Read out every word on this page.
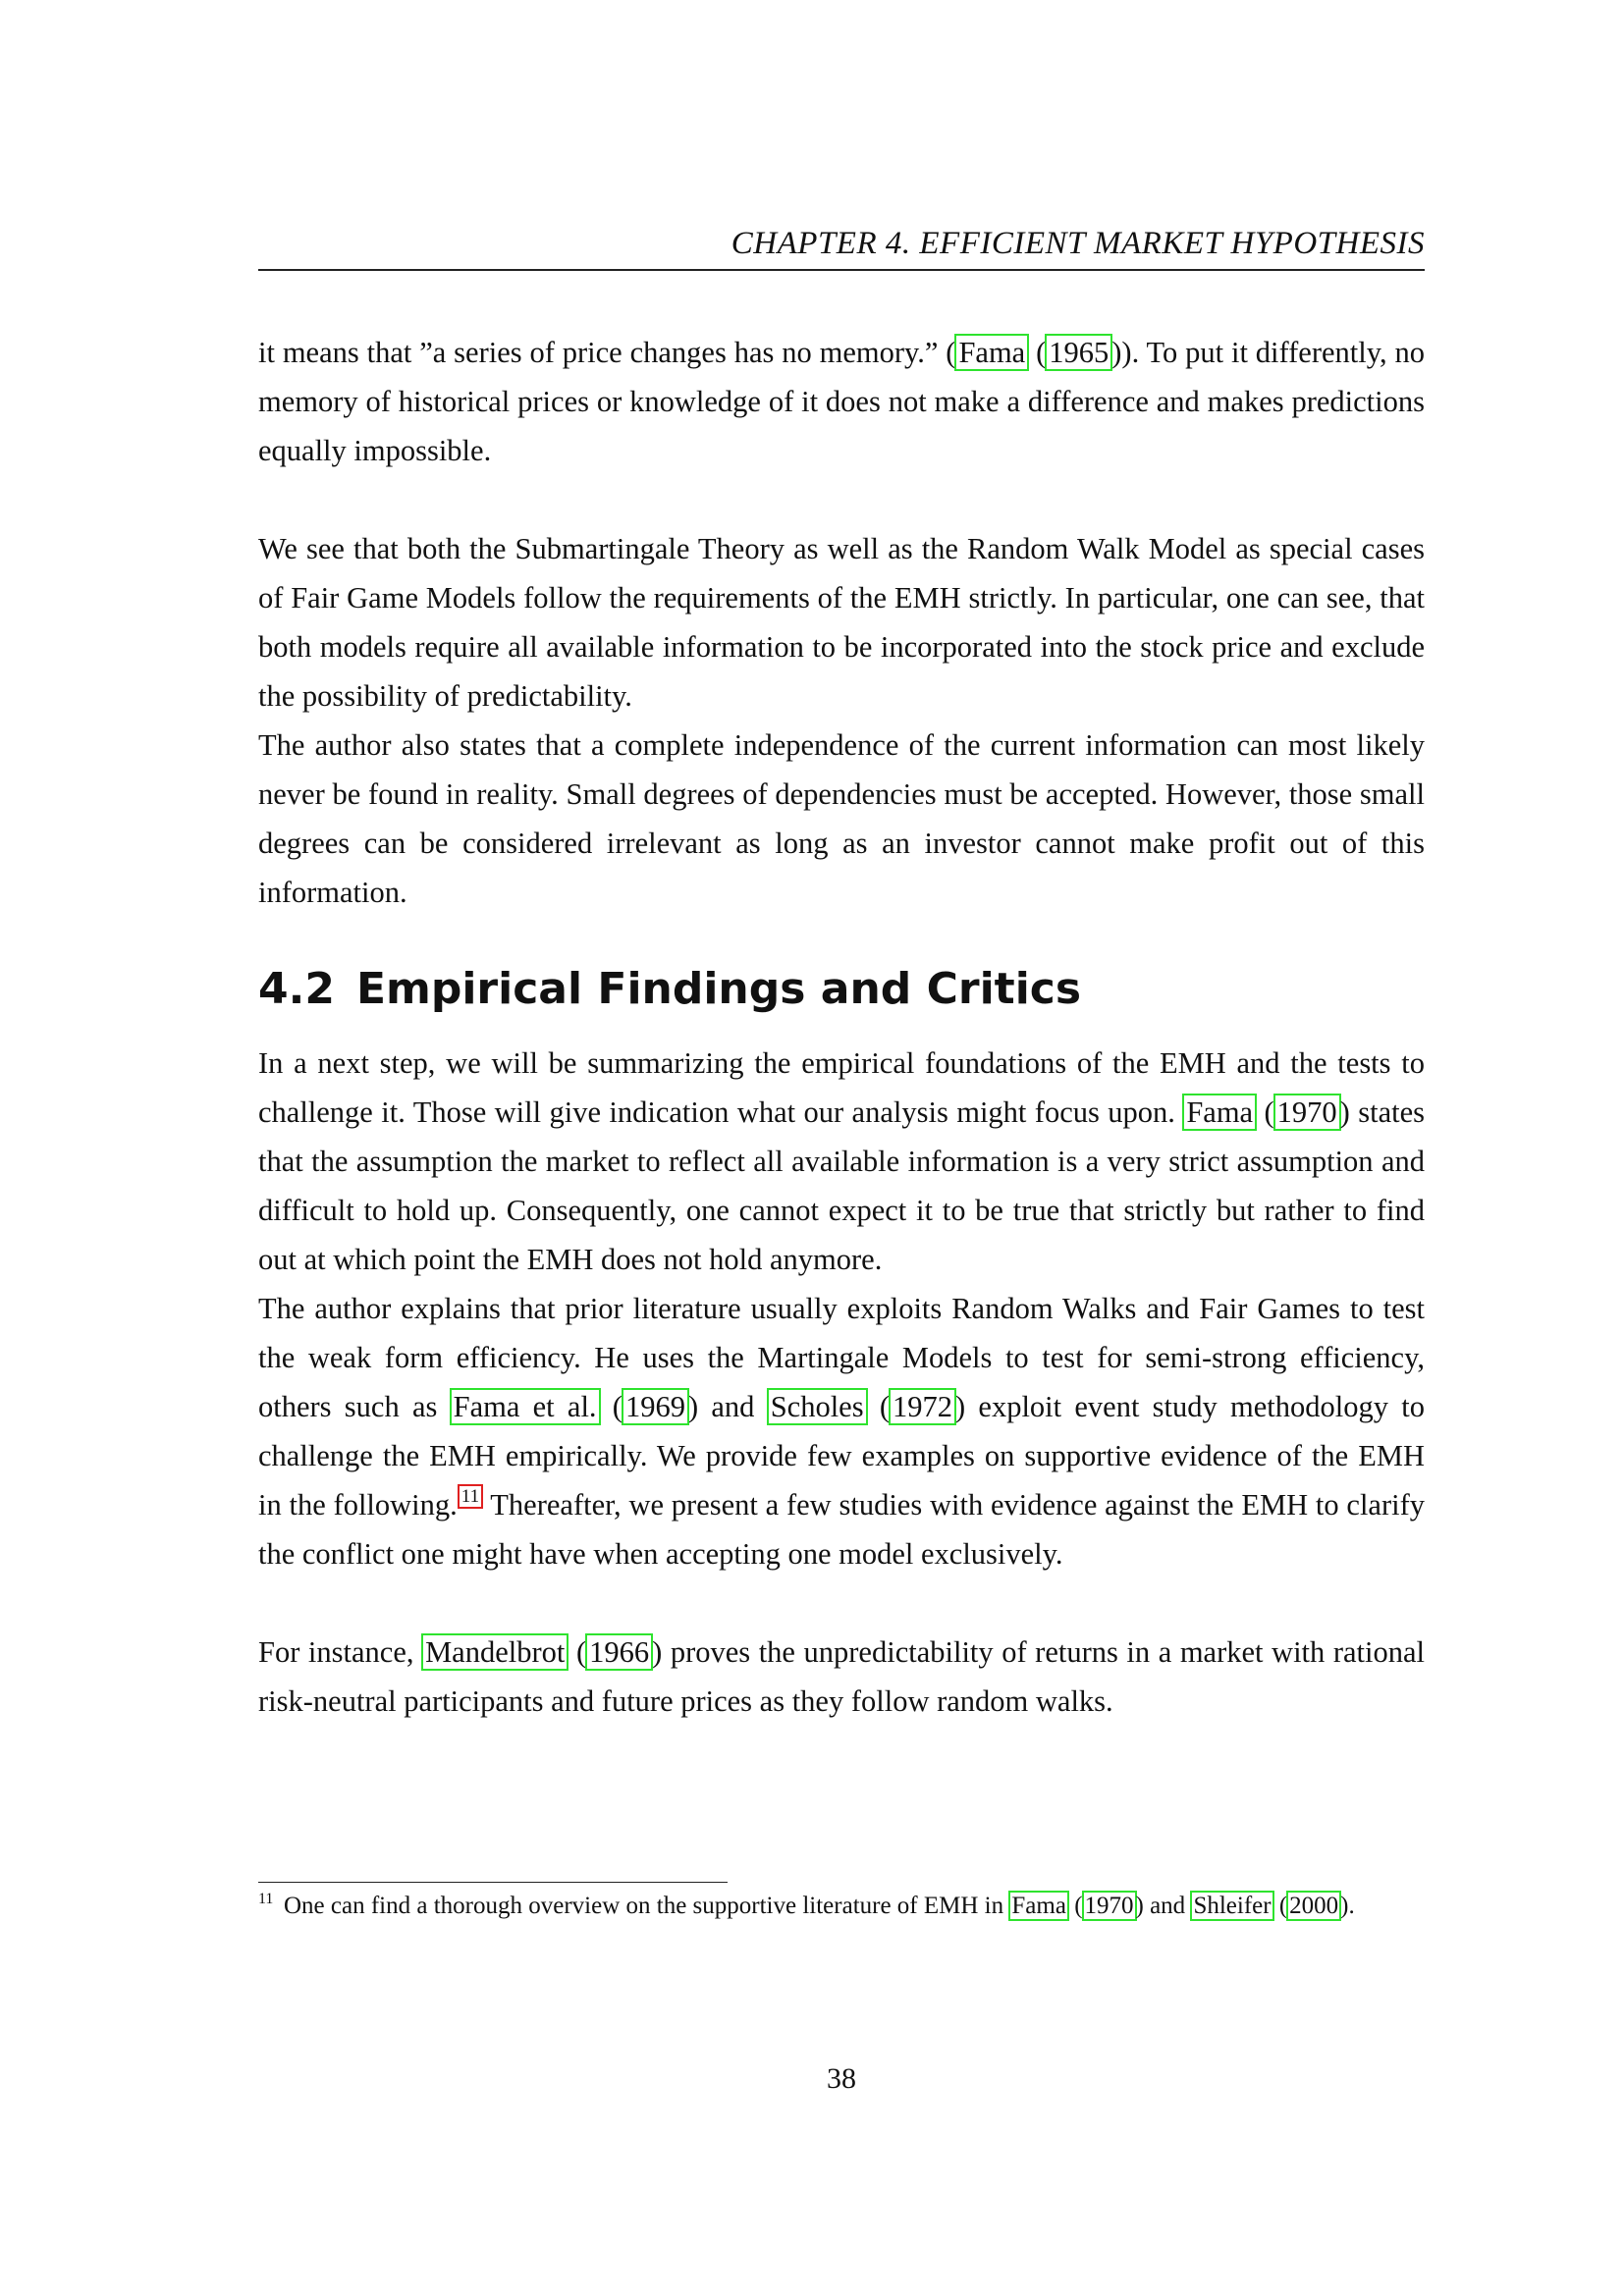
CHAPTER 4. EFFICIENT MARKET HYPOTHESIS

it means that ”a series of price changes has no memory.” (Fama (1965)). To put it differently, no memory of historical prices or knowledge of it does not make a difference and makes predictions equally impossible.

We see that both the Submartingale Theory as well as the Random Walk Model as special cases of Fair Game Models follow the requirements of the EMH strictly. In particular, one can see, that both models require all available information to be incorporated into the stock price and exclude the possibility of predictability.

The author also states that a complete independence of the current information can most likely never be found in reality. Small degrees of dependencies must be accepted. However, those small degrees can be considered irrelevant as long as an investor cannot make profit out of this information.

4.2 Empirical Findings and Critics

In a next step, we will be summarizing the empirical foundations of the EMH and the tests to challenge it. Those will give indication what our analysis might focus upon. Fama (1970) states that the assumption the market to reflect all available information is a very strict assumption and difficult to hold up. Consequently, one cannot expect it to be true that strictly but rather to find out at which point the EMH does not hold anymore.

The author explains that prior literature usually exploits Random Walks and Fair Games to test the weak form efficiency. He uses the Martingale Models to test for semi-strong efficiency, others such as Fama et al. (1969) and Scholes (1972) exploit event study methodology to challenge the EMH empirically. We provide few examples on supportive evidence of the EMH in the following. $^{11}$ Thereafter, we present a few studies with evidence against the EMH to clarify the conflict one might have when accepting one model exclusively.

For instance, Mandelbrot (1966) proves the unpredictability of returns in a market with rational risk-neutral participants and future prices as they follow random walks.

11 One can find a thorough overview on the supportive literature of EMH in Fama (1970) and Shleifer (2000).
38
